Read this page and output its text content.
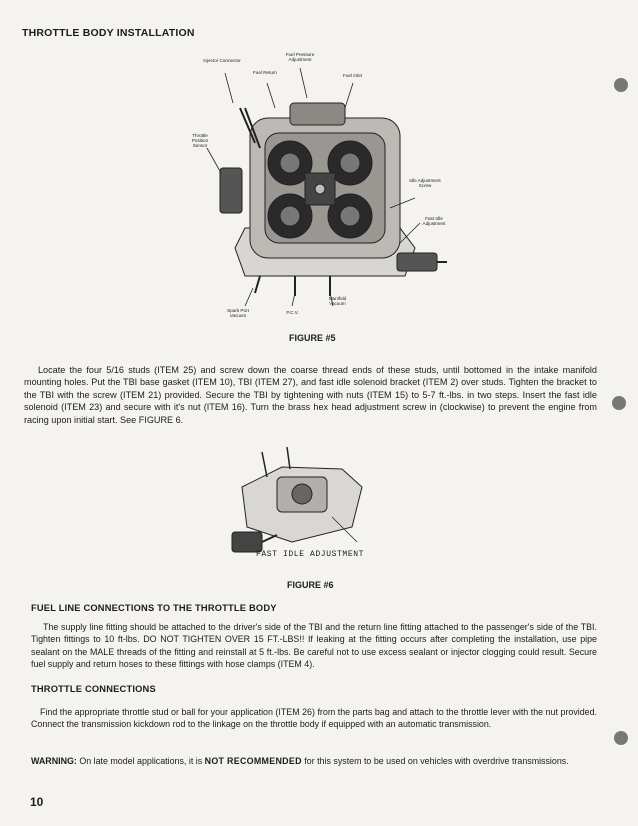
THROTTLE BODY INSTALLATION
Fuel Pressure Adjustment
Injector Connector
Fuel Return
Fuel Inlet
Throttle Position Sensor
Idle Adjustment Screw
Fast Idle Adjustment
Spark Port Vacuum
P.C.V.
Manifold Vacuum
FIGURE #5
Locate the four 5/16 studs (ITEM 25) and screw down the coarse thread ends of these studs, until bottomed in the intake manifold mounting holes. Put the TBI base gasket (ITEM 10), TBI (ITEM 27), and fast idle solenoid bracket (ITEM 2) over studs. Tighten the bracket to the TBI with the screw (ITEM 21) provided. Secure the TBI by tightening with nuts (ITEM 15) to 5-7 ft.-lbs. in two steps. Insert the fast idle solenoid (ITEM 23) and secure with it's nut (ITEM 16). Turn the brass hex head adjustment screw in (clockwise) to prevent the engine from racing upon initial start. See FIGURE 6.
FAST IDLE ADJUSTMENT
FIGURE #6
FUEL LINE CONNECTIONS TO THE THROTTLE BODY
The supply line fitting should be attached to the driver's side of the TBI and the return line fitting attached to the passenger's side of the TBI. Tighten fittings to 10 ft-lbs. DO NOT TIGHTEN OVER 15 FT.-LBS!! If leaking at the fitting occurs after completing the installation, use pipe sealant on the MALE threads of the fitting and reinstall at 5 ft.-lbs. Be careful not to use excess sealant or injector clogging could result. Secure fuel supply and return hoses to these fittings with hose clamps (ITEM 4).
THROTTLE CONNECTIONS
Find the appropriate throttle stud or ball for your application (ITEM 26) from the parts bag and attach to the throttle lever with the nut provided. Connect the transmission kickdown rod to the linkage on the throttle body if equipped with an automatic transmission.
WARNING: On late model applications, it is NOT RECOMMENDED for this system to be used on vehicles with overdrive transmissions.
10
